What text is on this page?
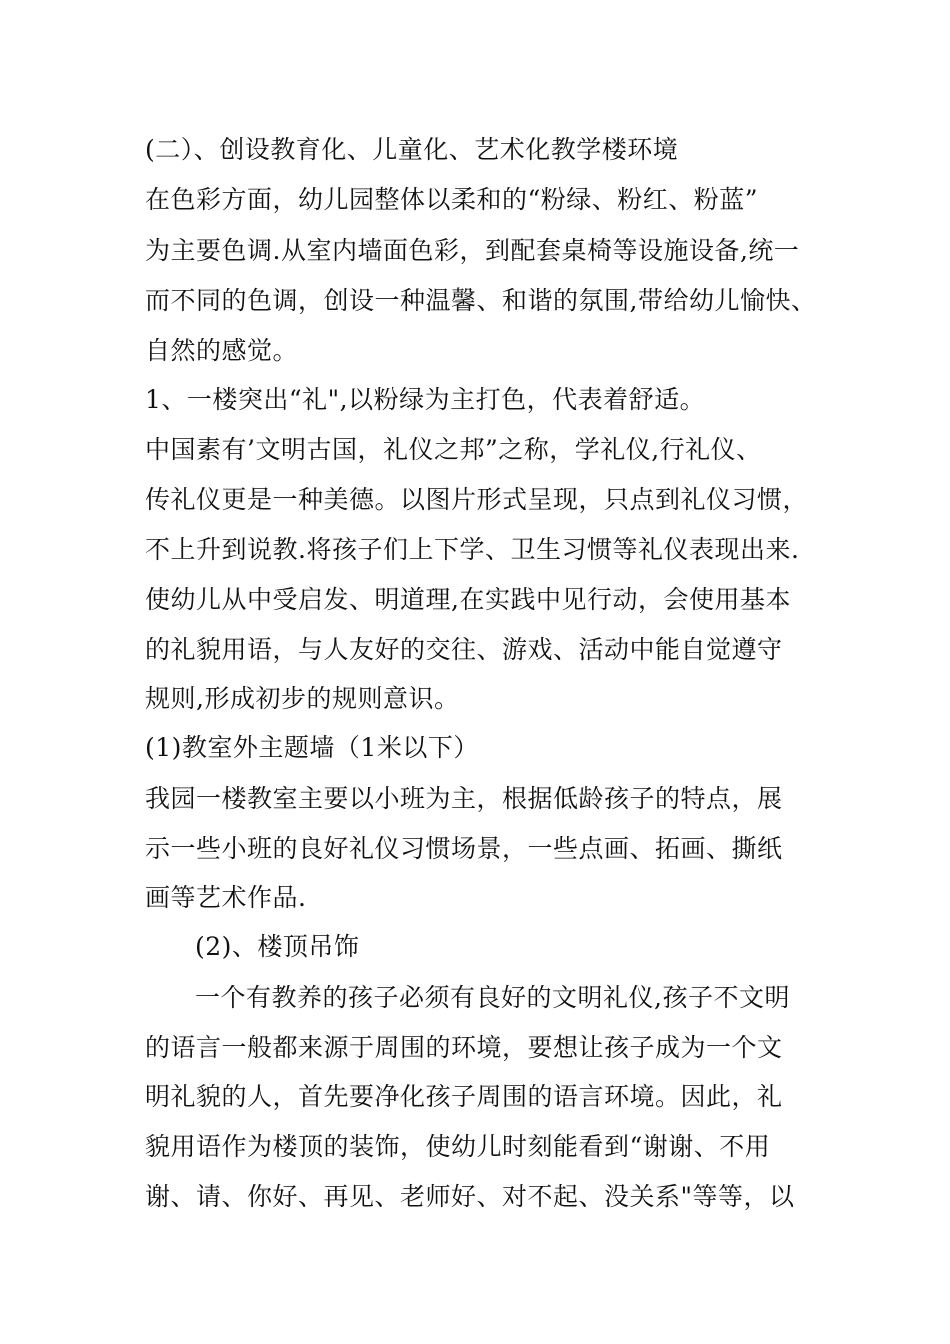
(二）、创设教育化、儿童化、艺术化教学楼环境
在色彩方面，幼儿园整体以柔和的“粉绿、粉红、粉蓝”
为主要色调.从室内墙面色彩，到配套桌椅等设施设备,统一
而不同的色调，创设一种温馨、和谐的氛围,带给幼儿愉快、
自然的感觉。
1、一楼突出“礼",以粉绿为主打色，代表着舒适。
中国素有’文明古国，礼仪之邦”之称，学礼仪,行礼仪、
传礼仪更是一种美德。以图片形式呈现，只点到礼仪习惯，
不上升到说教.将孩子们上下学、卫生习惯等礼仪表现出来.
使幼儿从中受启发、明道理,在实践中见行动，会使用基本
的礼貌用语，与人友好的交往、游戏、活动中能自觉遵守
规则,形成初步的规则意识。
(1)教室外主题墙（1米以下）
我园一楼教室主要以小班为主，根据低龄孩子的特点，展
示一些小班的良好礼仪习惯场景，一些点画、拓画、撕纸
画等艺术作品.
(2)、楼顶吊饰
一个有教养的孩子必须有良好的文明礼仪,孩子不文明
的语言一般都来源于周围的环境，要想让孩子成为一个文
明礼貌的人，首先要净化孩子周围的语言环境。因此，礼
貌用语作为楼顶的装饰，使幼儿时刻能看到“谢谢、不用
谢、请、你好、再见、老师好、对不起、没关系"等等，以
